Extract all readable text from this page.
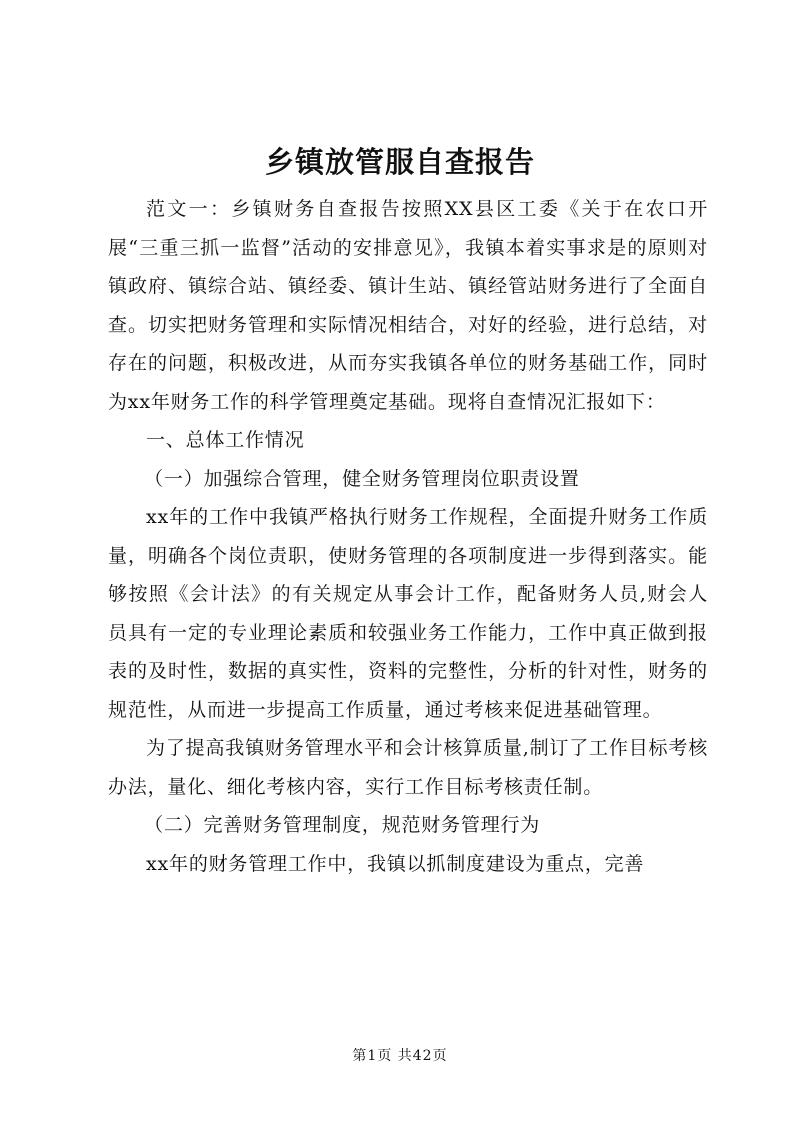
乡镇放管服自查报告

范文一：乡镇财务自查报告按照XX县区工委《关于在农口开展“三重三抓一监督”活动的安排意见》，我镇本着实事求是的原则对镇政府、镇综合站、镇经委、镇计生站、镇经管站财务进行了全面自查。切实把财务管理和实际情况相结合，对好的经验，进行总结，对存在的问题，积极改进，从而夯实我镇各单位的财务基础工作，同时为xx年财务工作的科学管理奠定基础。现将自查情况汇报如下：

一、总体工作情况

（一）加强综合管理，健全财务管理岗位职责设置

xx年的工作中我镇严格执行财务工作规程，全面提升财务工作质量，明确各个岗位责职，使财务管理的各项制度进一步得到落实。能够按照《会计法》的有关规定从事会计工作，配备财务人员,财会人员具有一定的专业理论素质和较强业务工作能力，工作中真正做到报表的及时性，数据的真实性，资料的完整性，分析的针对性，财务的规范性，从而进一步提高工作质量，通过考核来促进基础管理。

为了提高我镇财务管理水平和会计核算质量,制订了工作目标考核办法，量化、细化考核内容，实行工作目标考核责任制。

（二）完善财务管理制度，规范财务管理行为

xx年的财务管理工作中，我镇以抓制度建设为重点，完善

第1页 共42页
